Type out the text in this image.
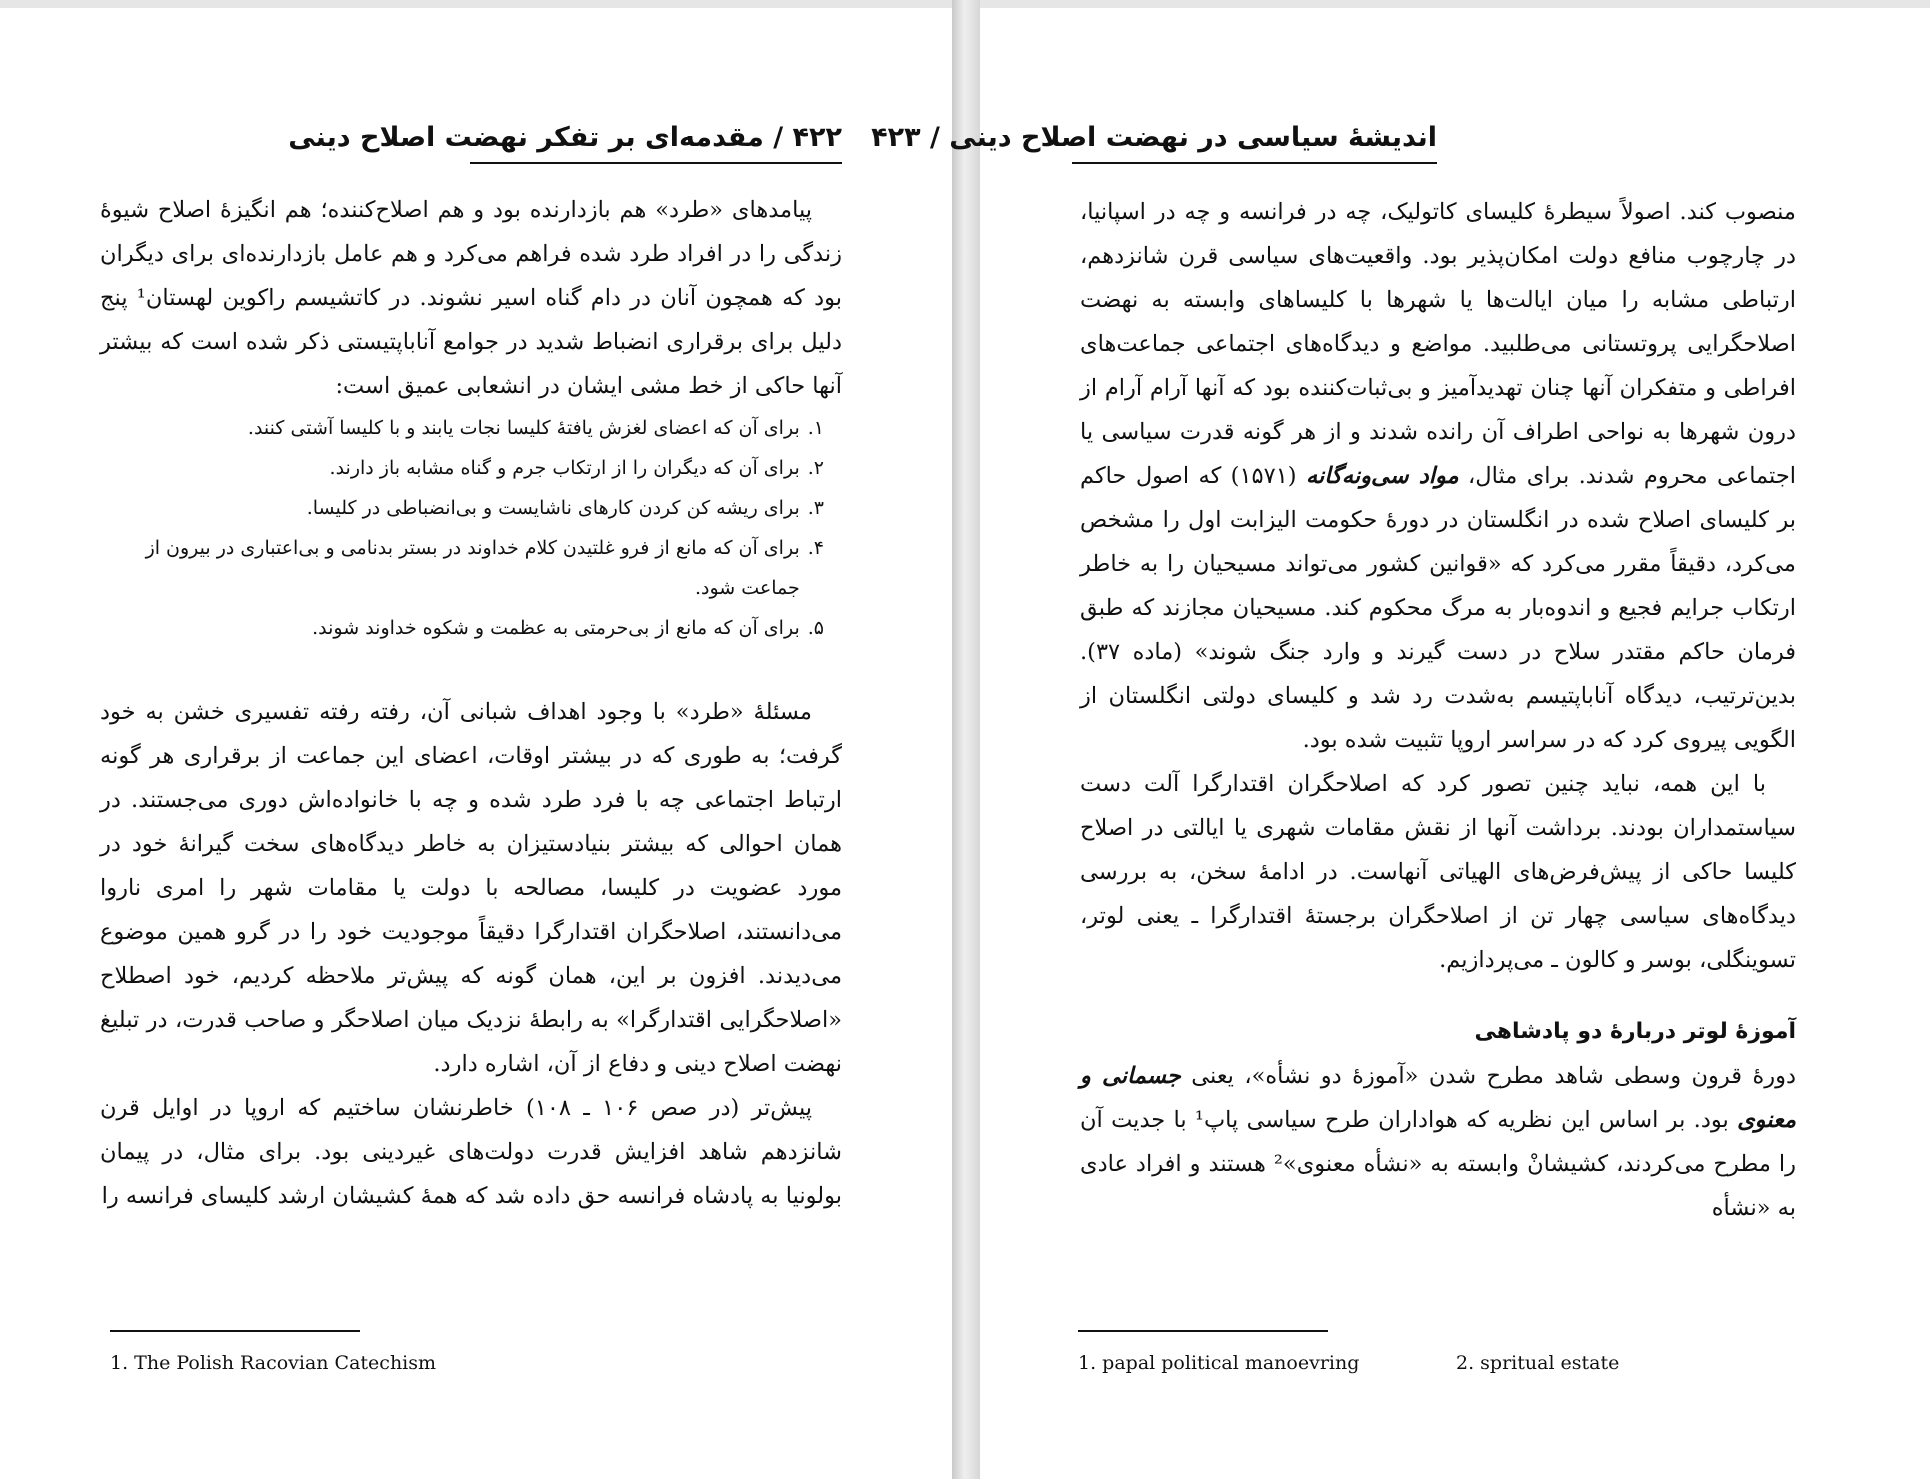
۴۲۲ / مقدمه‌ای بر تفکر نهضت اصلاح دینی

پیامدهای «طرد» هم بازدارنده بود و هم اصلاح‌کننده؛ هم انگیزهٔ اصلاح شیوهٔ زندگی را در افراد طرد شده فراهم می‌کرد و هم عامل بازدارنده‌ای برای دیگران بود که همچون آنان در دام گناه اسیر نشوند. در کاتشیسم راکوین لهستان¹ پنج دلیل برای برقراری انضباط شدید در جوامع آناباپتیستی ذکر شده است که بیشتر آنها حاکی از خط مشی ایشان در انشعابی عمیق است:

۱.
برای آن که اعضای لغزش یافتهٔ کلیسا نجات یابند و با کلیسا آشتی کنند.
۲.
برای آن که دیگران را از ارتکاب جرم و گناه مشابه باز دارند.
۳.
برای ریشه کن کردن کارهای ناشایست و بی‌انضباطی در کلیسا.
۴.
برای آن که مانع از فرو غلتیدن کلام خداوند در بستر بدنامی و بی‌اعتباری در بیرون از جماعت شود.
۵.
برای آن که مانع از بی‌حرمتی به عظمت و شکوه خداوند شوند.

مسئلهٔ «طرد» با وجود اهداف شبانی آن، رفته رفته تفسیری خشن به خود گرفت؛ به طوری که در بیشتر اوقات، اعضای این جماعت از برقراری هر گونه ارتباط اجتماعی چه با فرد طرد شده و چه با خانواده‌اش دوری می‌جستند. در همان احوالی که بیشتر بنیادستیزان به خاطر دیدگاه‌های سخت گیرانهٔ خود در مورد عضویت در کلیسا، مصالحه با دولت یا مقامات شهر را امری ناروا می‌دانستند، اصلاحگران اقتدارگرا دقیقاً موجودیت خود را در گرو همین موضوع می‌دیدند. افزون بر این، همان گونه که پیش‌تر ملاحظه کردیم، خود اصطلاح «اصلاحگرایی اقتدارگرا» به رابطهٔ نزدیک میان اصلاحگر و صاحب قدرت، در تبلیغ نهضت اصلاح دینی و دفاع از آن، اشاره دارد.

پیش‌تر (در صص ۱۰۶ ـ ۱۰۸) خاطرنشان ساختیم که اروپا در اوایل قرن شانزدهم شاهد افزایش قدرت دولت‌های غیردینی بود. برای مثال، در پیمان بولونیا به پادشاه فرانسه حق داده شد که همهٔ کشیشان ارشد کلیسای فرانسه را

1. The Polish Racovian Catechism
اندیشهٔ سیاسی در نهضت اصلاح دینی / ۴۲۳

منصوب کند. اصولاً سیطرهٔ کلیسای کاتولیک، چه در فرانسه و چه در اسپانیا، در چارچوب منافع دولت امکان‌پذیر بود. واقعیت‌های سیاسی قرن شانزدهم، ارتباطی مشابه را میان ایالت‌ها یا شهرها با کلیساهای وابسته به نهضت اصلاحگرایی پروتستانی می‌طلبید. مواضع و دیدگاه‌های اجتماعی جماعت‌های افراطی و متفکران آنها چنان تهدیدآمیز و بی‌ثبات‌کننده بود که آنها آرام آرام از درون شهرها به نواحی اطراف آن رانده شدند و از هر گونه قدرت سیاسی یا اجتماعی محروم شدند. برای مثال، مواد سی‌و‌نه‌گانه (۱۵۷۱) که اصول حاکم بر کلیسای اصلاح شده در انگلستان در دورهٔ حکومت الیزابت اول را مشخص می‌کرد، دقیقاً مقرر می‌کرد که «قوانین کشور می‌تواند مسیحیان را به خاطر ارتکاب جرایم فجیع و اندوه‌بار به مرگ محکوم کند. مسیحیان مجازند که طبق فرمان حاکم مقتدر سلاح در دست گیرند و وارد جنگ شوند» (ماده ۳۷). بدین‌ترتیب، دیدگاه آناباپتیسم به‌شدت رد شد و کلیسای دولتی انگلستان از الگویی پیروی کرد که در سراسر اروپا تثبیت شده بود.

با این همه، نباید چنین تصور کرد که اصلاحگران اقتدارگرا آلت دست سیاستمداران بودند. برداشت آنها از نقش مقامات شهری یا ایالتی در اصلاح کلیسا حاکی از پیش‌فرض‌های الهیاتی آنهاست. در ادامهٔ سخن، به بررسی دیدگاه‌های سیاسی چهار تن از اصلاحگران برجستهٔ اقتدارگرا ـ یعنی لوتر، تسوینگلی، بوسر و کالون ـ می‌پردازیم.

آموزهٔ لوتر دربارهٔ دو پادشاهی

دورهٔ قرون وسطی شاهد مطرح شدن «آموزهٔ دو نشأه»، یعنی جسمانی و معنوی بود. بر اساس این نظریه که هواداران طرح سیاسی پاپ¹ با جدیت آن را مطرح می‌کردند، کشیشانْ وابسته به «نشأه معنوی»² هستند و افراد عادی به «نشأه

1. papal political manoevring	2. spritual estate
